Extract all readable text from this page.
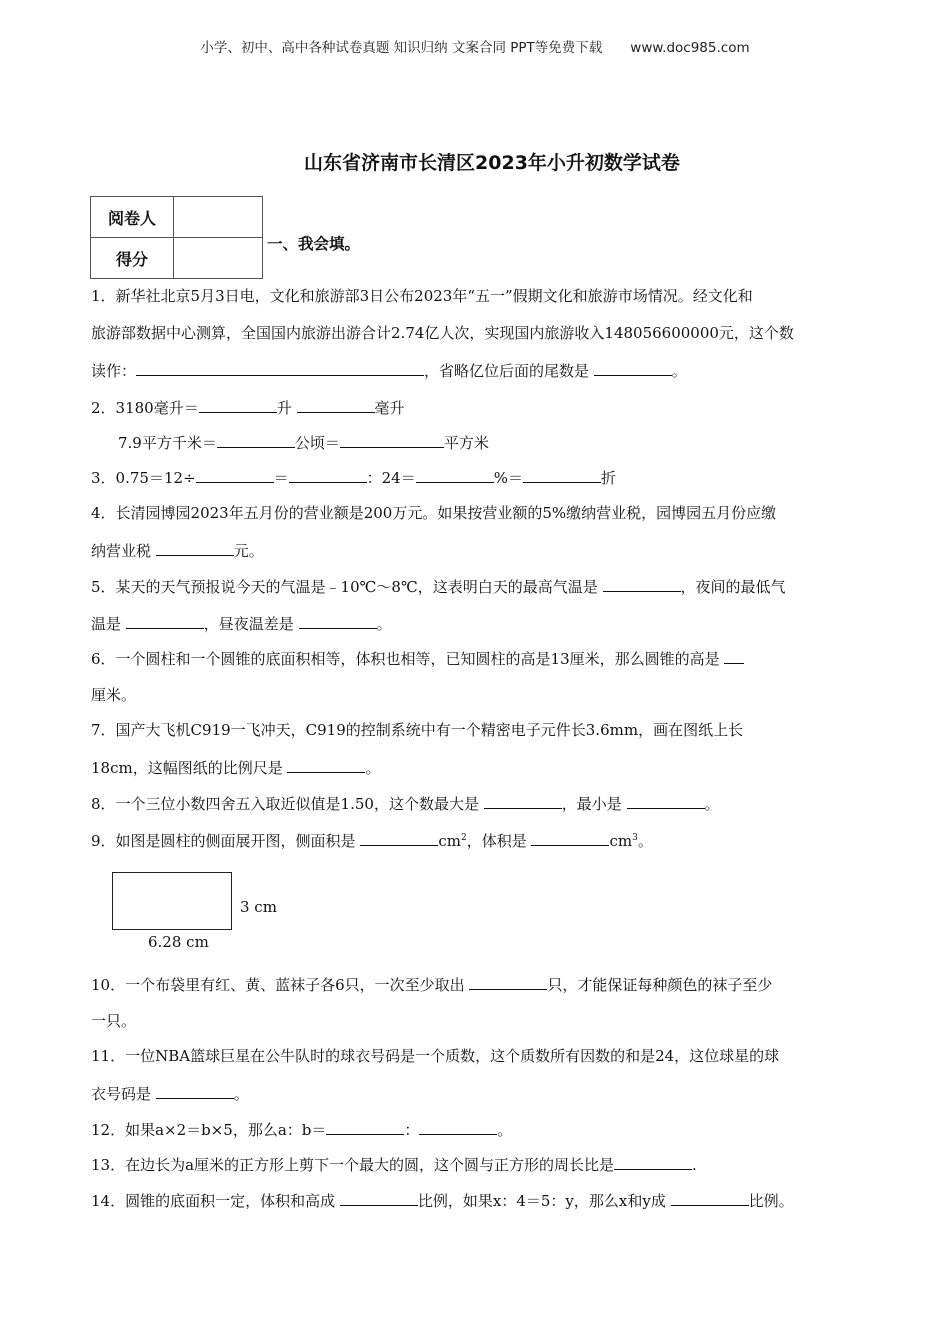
小学、初中、高中各种试卷真题 知识归纳 文案合同 PPT等免费下载 www.doc985.com
山东省济南市长清区2023年小升初数学试卷
阅卷人	
得分	
一、我会填。
1．新华社北京5月3日电，文化和旅游部3日公布2023年“五一”假期文化和旅游市场情况。经文化和
旅游部数据中心测算，全国国内旅游出游合计2.74亿人次，实现国内旅游收入148056600000元，这个数
读作：	，省略亿位后面的尾数是	。
2．3180毫升＝	升	毫升
7.9平方千米＝	公顷＝	平方米
3．0.75＝12÷	＝	：24＝	%＝	折
4．长清园博园2023年五月份的营业额是200万元。如果按营业额的5%缴纳营业税，园博园五月份应缴
纳营业税	元。
5．某天的天气预报说今天的气温是﹣10℃～8℃，这表明白天的最高气温是	，夜间的最低气
温是	，昼夜温差是	。
6．一个圆柱和一个圆锥的底面积相等，体积也相等，已知圆柱的高是13厘米，那么圆锥的高是
厘米。
7．国产大飞机C919一飞冲天，C919的控制系统中有一个精密电子元件长3.6mm，画在图纸上长
18cm，这幅图纸的比例尺是	。
8．一个三位小数四舍五入取近似值是1.50，这个数最大是	，最小是	。
9．如图是圆柱的侧面展开图，侧面积是	$cm^2$，体积是	$cm^3$。
3 cm
6.28 cm
10．一个布袋里有红、黄、蓝袜子各6只，一次至少取出	只，才能保证每种颜色的袜子至少
一只。
11．一位NBA篮球巨星在公牛队时的球衣号码是一个质数，这个质数所有因数的和是24，这位球星的球
衣号码是	。
12．如果a×2＝b×5，那么a：b＝	：	。
13．在边长为a厘米的正方形上剪下一个最大的圆，这个圆与正方形的周长比是	.
14．圆锥的底面积一定，体积和高成	比例，如果x：4＝5：y，那么x和y成	比例。
